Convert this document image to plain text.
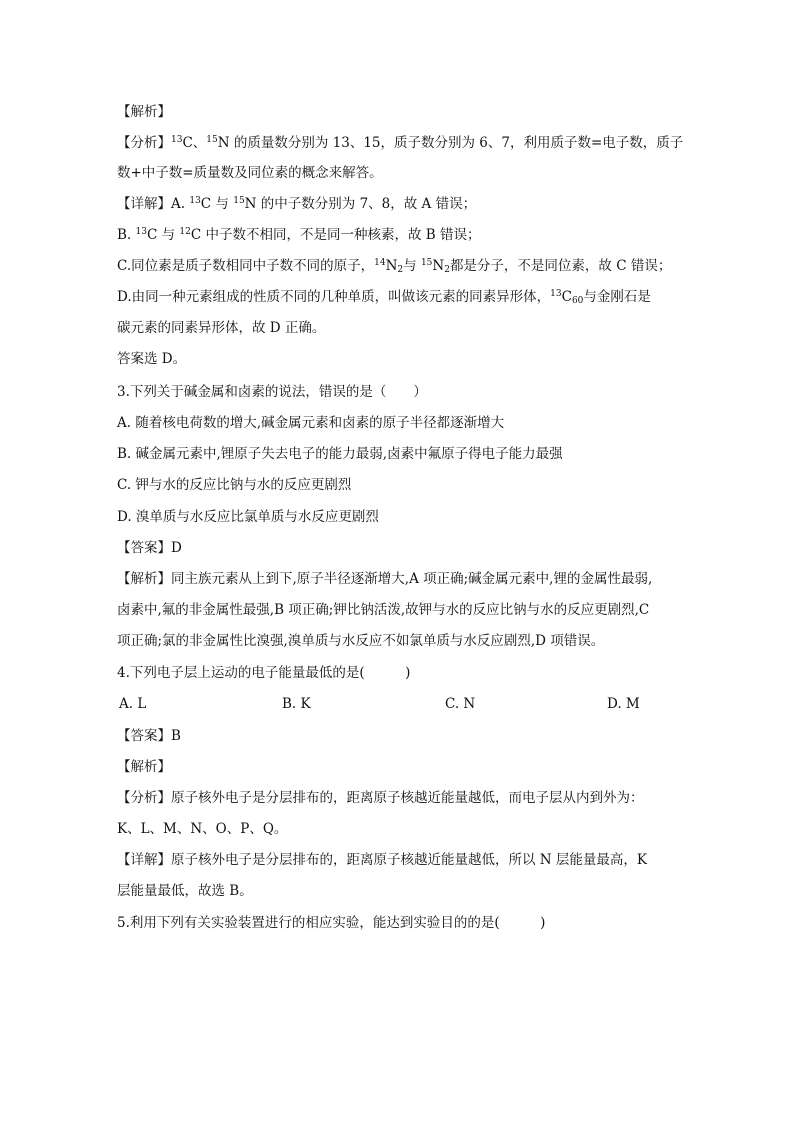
【解析】
【分析】$^{13}$C、$^{15}$N 的质量数分别为 13、15，质子数分别为 6、7，利用质子数=电子数，质子
数+中子数=质量数及同位素的概念来解答。
【详解】A. $^{13}$C 与 $^{15}$N 的中子数分别为 7、8，故 A 错误；
B. $^{13}$C 与 $^{12}$C 中子数不相同，不是同一种核素，故 B 错误；
C.同位素是质子数相同中子数不同的原子，$^{14}N_2$与 $^{15}N_2$都是分子，不是同位素，故 C 错误；
D.由同一种元素组成的性质不同的几种单质，叫做该元素的同素异形体，$^{13}C_{60}$与金刚石是
碳元素的同素异形体，故 D 正确。
答案选 D。
3.下列关于碱金属和卤素的说法，错误的是（　　）
A. 随着核电荷数的增大,碱金属元素和卤素的原子半径都逐渐增大
B. 碱金属元素中,锂原子失去电子的能力最弱,卤素中氟原子得电子能力最强
C. 钾与水的反应比钠与水的反应更剧烈
D. 溴单质与水反应比氯单质与水反应更剧烈
【答案】D
【解析】同主族元素从上到下,原子半径逐渐增大,A 项正确;碱金属元素中,锂的金属性最弱,
卤素中,氟的非金属性最强,B 项正确;钾比钠活泼,故钾与水的反应比钠与水的反应更剧烈,C
项正确;氯的非金属性比溴强,溴单质与水反应不如氯单质与水反应剧烈,D 项错误。
4.下列电子层上运动的电子能量最低的是(　　　)
A. L	B. K	C. N	D. M
【答案】B
【解析】
【分析】原子核外电子是分层排布的，距离原子核越近能量越低，而电子层从内到外为：
K、L、M、N、O、P、Q。
【详解】原子核外电子是分层排布的，距离原子核越近能量越低，所以 N 层能量最高，K
层能量最低，故选 B。
5.利用下列有关实验装置进行的相应实验，能达到实验目的的是(　　　)
